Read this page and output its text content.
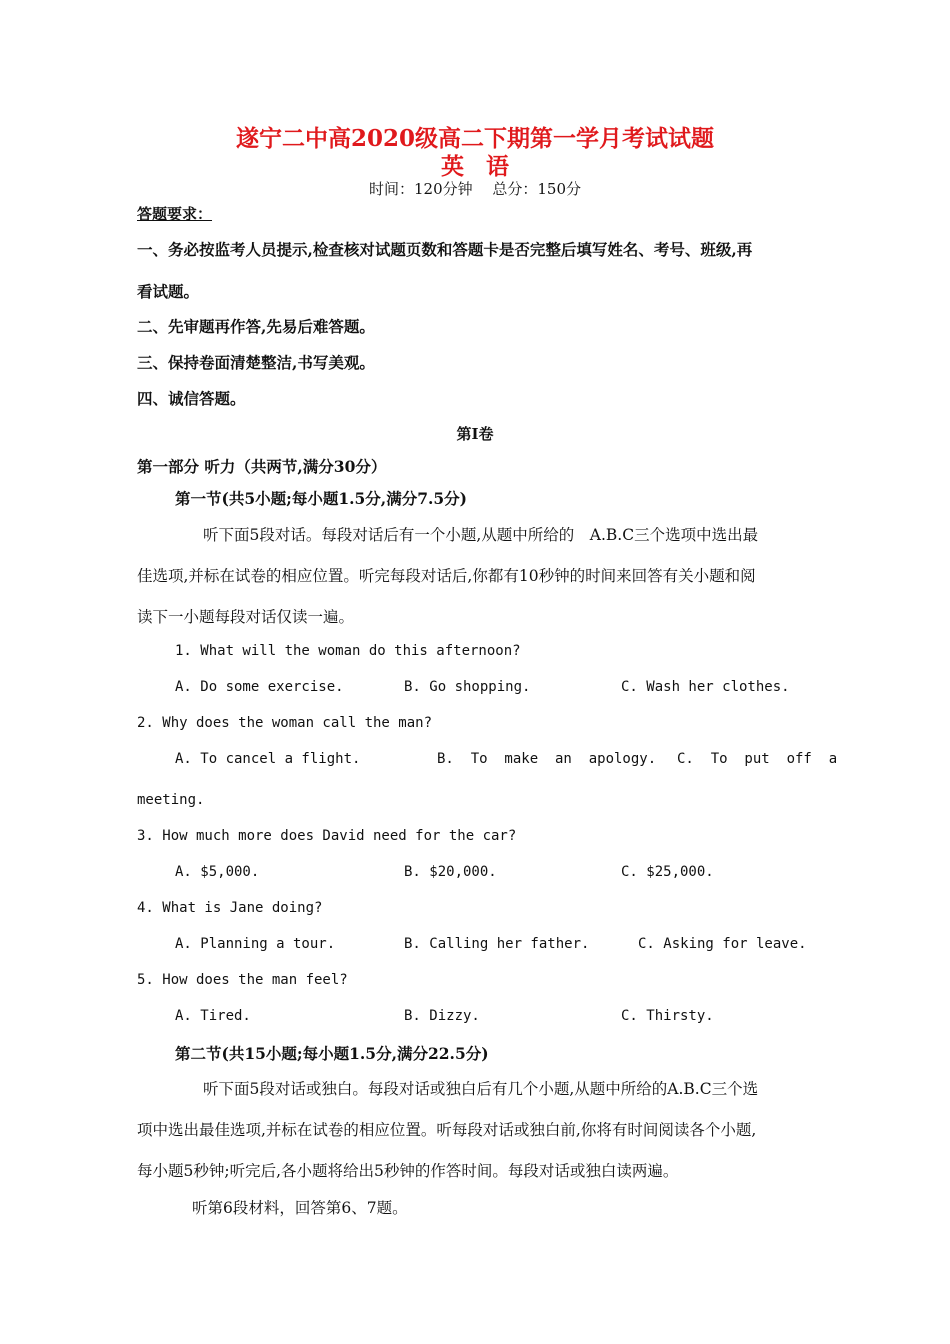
遂宁二中高2020级高二下期第一学月考试试题
英语
时间：120分钟　 总分：150分
答题要求：
一、务必按监考人员提示,检查核对试题页数和答题卡是否完整后填写姓名、考号、班级,再
看试题。
二、先审题再作答,先易后难答题。
三、保持卷面清楚整洁,书写美观。
四、诚信答题。
第Ⅰ卷
第一部分 听力（共两节,满分30分）
第一节(共5小题;每小题1.5分,满分7.5分)
听下面5段对话。每段对话后有一个小题,从题中所给的　A.B.C三个选项中选出最
佳选项,并标在试卷的相应位置。听完每段对话后,你都有10秒钟的时间来回答有关小题和阅
读下一小题每段对话仅读一遍。
1. What will the woman do this afternoon?
A. Do some exercise.	B. Go shopping.	C. Wash her clothes.
2. Why does the woman call the man?
A. To cancel a flight.	B.  To  make  an  apology. C.  To  put  off  a
meeting.
3. How much more does David need for the car?
A. $5,000.	B. $20,000.	C. $25,000.
4. What is Jane doing?
A. Planning a tour.	B. Calling her father.	C. Asking for leave.
5. How does the man feel?
A. Tired.	B. Dizzy.	C. Thirsty.
第二节(共15小题;每小题1.5分,满分22.5分)
听下面5段对话或独白。每段对话或独白后有几个小题,从题中所给的A.B.C三个选
项中选出最佳选项,并标在试卷的相应位置。听每段对话或独白前,你将有时间阅读各个小题,
每小题5秒钟;听完后,各小题将给出5秒钟的作答时间。每段对话或独白读两遍。
听第6段材料，回答第6、7题。
